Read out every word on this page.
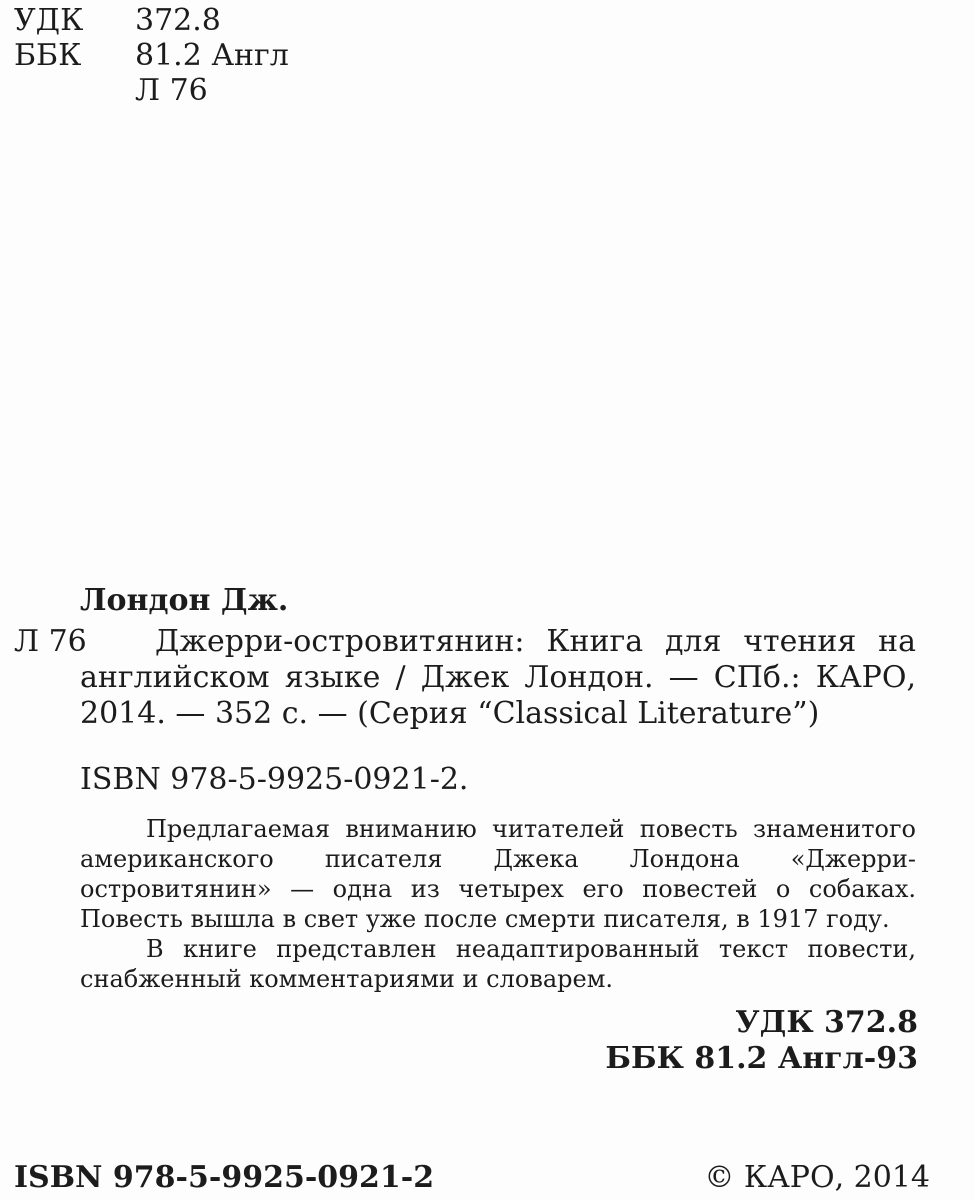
УДК 372.8
ББК 81.2 Англ
Л 76
Лондон Дж.
Л 76	Джерри-островитянин: Книга для чтения на английском языке / Джек Лондон. — СПб.: КАРО, 2014. — 352 с. — (Серия “Classical Literature”)
ISBN 978-5-9925-0921-2.

Предлагаемая вниманию читателей повесть знаменитого американского писателя Джека Лондона «Джерри-островитянин» — одна из четырех его повестей о собаках. Повесть вышла в свет уже после смерти писателя, в 1917 году.

В книге представлен неадаптированный текст повести, снабженный комментариями и словарем.

УДК 372.8
ББК 81.2 Англ-93
ISBN 978-5-9925-0921-2	© КАРО, 2014
